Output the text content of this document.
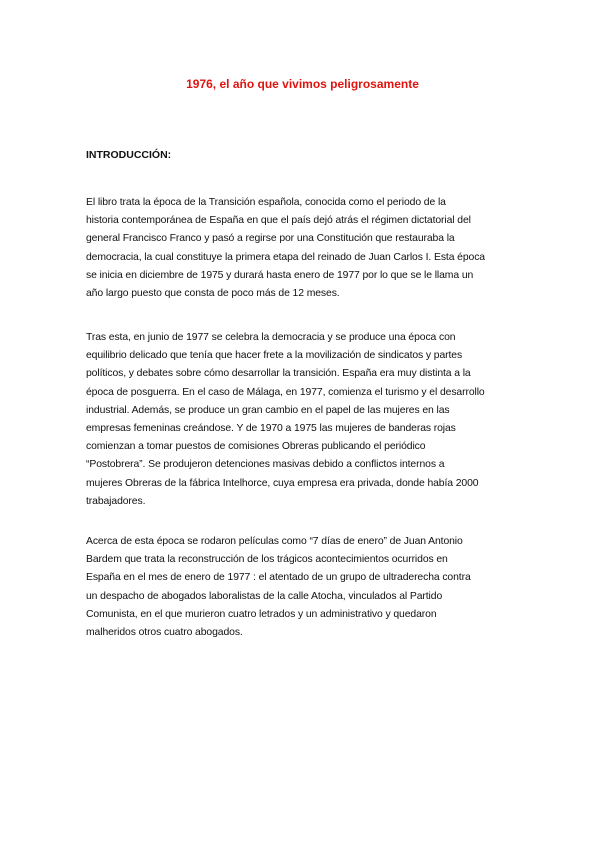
1976, el año que vivimos peligrosamente
INTRODUCCIÓN:

El libro trata la época de la Transición española, conocida como el periodo de la
historia contemporánea de España en que el país dejó atrás el régimen dictatorial del
general Francisco Franco y pasó a regirse por una Constitución que restauraba la
democracia, la cual constituye la primera etapa del reinado de Juan Carlos I. Esta época
se inicia en diciembre de 1975 y durará hasta enero de 1977 por lo que se le llama un
año largo puesto que consta de poco más de 12 meses.

Tras esta, en junio de 1977 se celebra la democracia y se produce una época con
equilibrio delicado que tenía que hacer frete a la movilización de sindicatos y partes
políticos, y debates sobre cómo desarrollar la transición. España era muy distinta a la
época de posguerra. En el caso de Málaga, en 1977, comienza el turismo y el desarrollo
industrial. Además, se produce un gran cambio en el papel de las mujeres en las
empresas femeninas creándose. Y de 1970 a 1975 las mujeres de banderas rojas
comienzan a tomar puestos de comisiones Obreras publicando el periódico
“Postobrera”. Se produjeron detenciones masivas debido a conflictos internos a
mujeres Obreras de la fábrica Intelhorce, cuya empresa era privada, donde había 2000
trabajadores.

Acerca de esta época se rodaron películas como “7 días de enero” de Juan Antonio
Bardem que trata la reconstrucción de los trágicos acontecimientos ocurridos en
España en el mes de enero de 1977 : el atentado de un grupo de ultraderecha contra
un despacho de abogados laboralistas de la calle Atocha, vinculados al Partido
Comunista, en el que murieron cuatro letrados y un administrativo y quedaron
malheridos otros cuatro abogados.
